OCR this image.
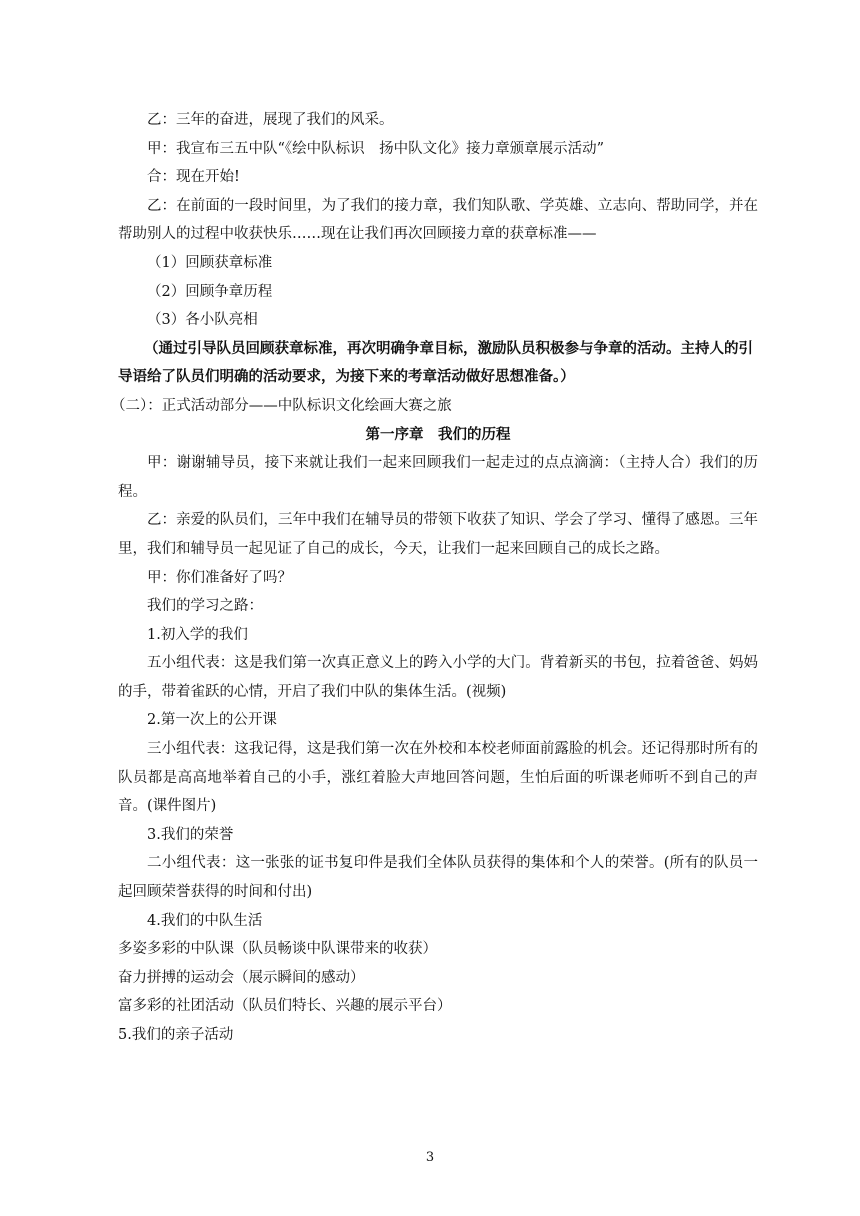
乙：三年的奋进，展现了我们的风采。
甲：我宣布三五中队“《绘中队标识　扬中队文化》接力章颁章展示活动”
合：现在开始!
乙：在前面的一段时间里，为了我们的接力章，我们知队歌、学英雄、立志向、帮助同学，并在帮助别人的过程中收获快乐……现在让我们再次回顾接力章的获章标准——
（1）回顾获章标准
（2）回顾争章历程
（3）各小队亮相
（通过引导队员回顾获章标准，再次明确争章目标，激励队员积极参与争章的活动。主持人的引导语给了队员们明确的活动要求，为接下来的考章活动做好思想准备。）
（二）：正式活动部分——中队标识文化绘画大赛之旅
第一序章　我们的历程
甲：谢谢辅导员，接下来就让我们一起来回顾我们一起走过的点点滴滴：（主持人合）我们的历程。
乙：亲爱的队员们，三年中我们在辅导员的带领下收获了知识、学会了学习、懂得了感恩。三年里，我们和辅导员一起见证了自己的成长，今天，让我们一起来回顾自己的成长之路。
甲：你们准备好了吗？
我们的学习之路：
1.初入学的我们
五小组代表：这是我们第一次真正意义上的跨入小学的大门。背着新买的书包，拉着爸爸、妈妈的手，带着雀跃的心情，开启了我们中队的集体生活。(视频)
2.第一次上的公开课
三小组代表：这我记得，这是我们第一次在外校和本校老师面前露脸的机会。还记得那时所有的队员都是高高地举着自己的小手，涨红着脸大声地回答问题，生怕后面的听课老师听不到自己的声音。(课件图片)
3.我们的荣誉
二小组代表：这一张张的证书复印件是我们全体队员获得的集体和个人的荣誉。(所有的队员一起回顾荣誉获得的时间和付出)
4.我们的中队生活
多姿多彩的中队课（队员畅谈中队课带来的收获）
奋力拼搏的运动会（展示瞬间的感动）
富多彩的社团活动（队员们特长、兴趣的展示平台）
5.我们的亲子活动
3
